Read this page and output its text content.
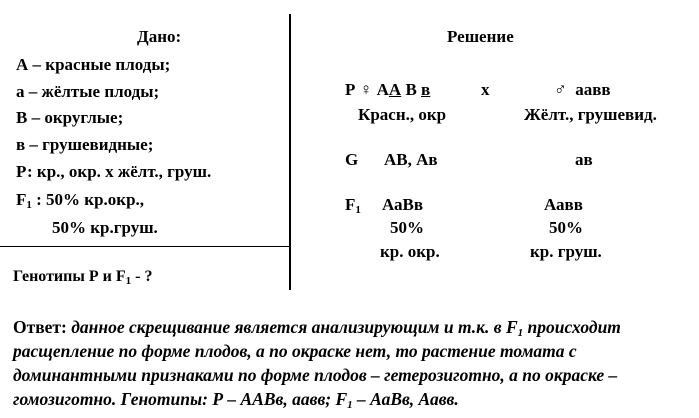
Дано:
А – красные плоды;
а – жёлтые плоды;
В – округлые;
в – грушевидные;
Р: кр., окр. х жёлт., груш.
$F_1$ : 50% кр.окр.,
50% кр.груш.
Генотипы Р и $F_1$ - ?
Решение
Р ♀ АА В в	х	♂ аавв
Красн., окр	Жёлт., грушевид.
G АВ, Ав	ав
$F_1$ АаВв	Аавв
50%	50%
кр. окр.	кр. груш.
Ответ: данное скрещивание является анализирующим и т.к. в $F_1$ происходит
расщепление по форме плодов, а по окраске нет, то растение томата с
доминантными признаками по форме плодов – гетерозиготно, а по окраске –
гомозиготно. Генотипы: Р – ААВв, аавв; $F_1$ – АаВв, Аавв.
